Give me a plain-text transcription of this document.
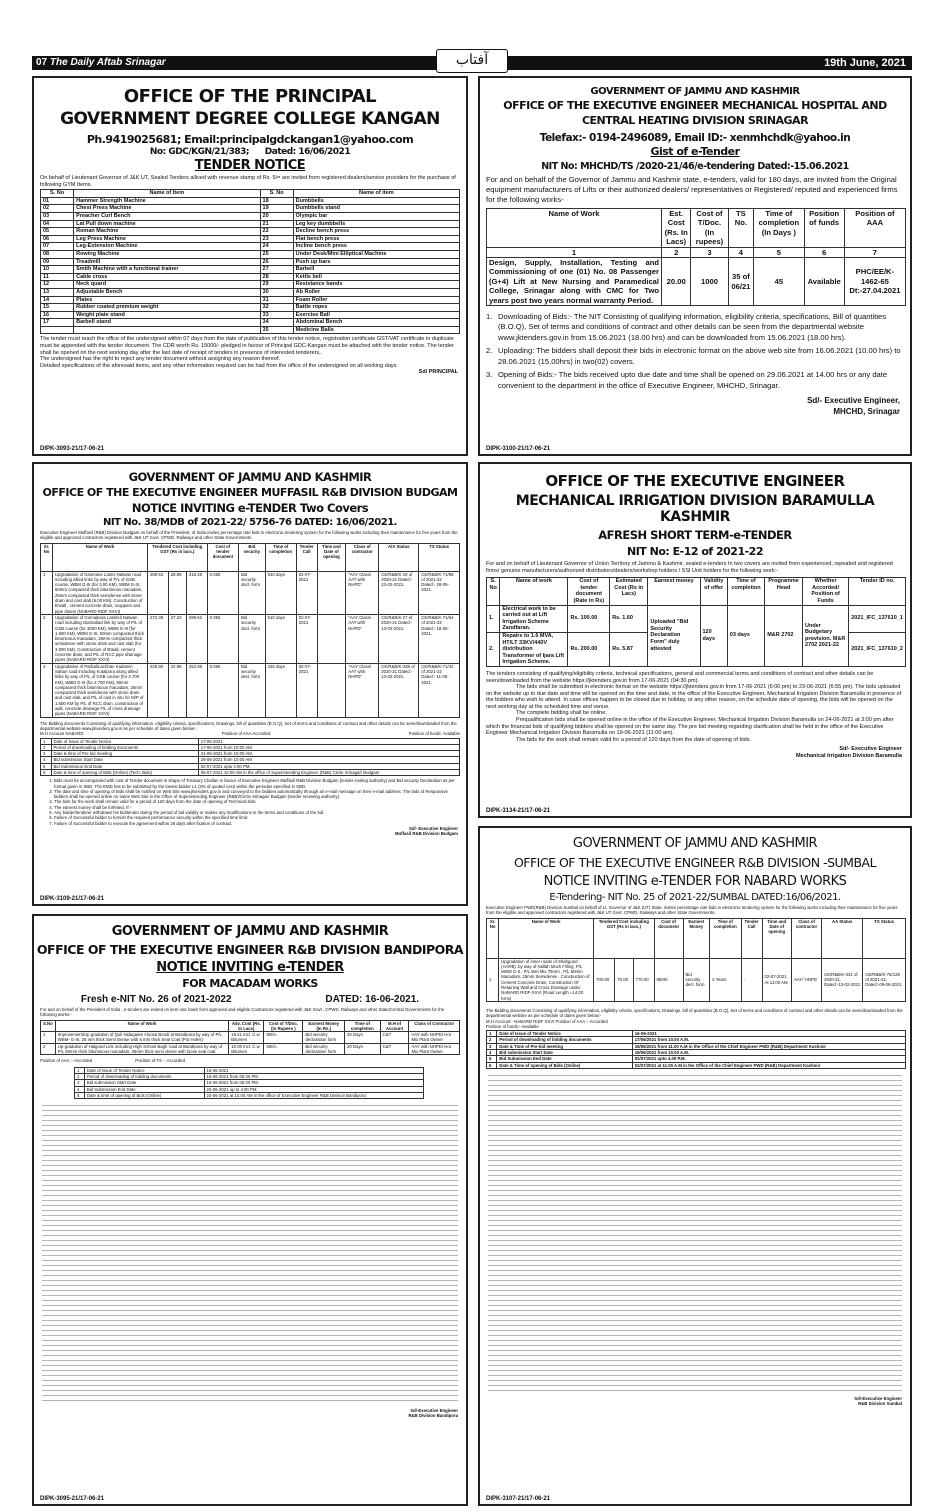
07 The Daily Aftab Srinagar	19th June, 2021
آفتاب
OFFICE OF THE PRINCIPAL
GOVERNMENT DEGREE COLLEGE KANGAN
Ph.9419025681; Email:principalgdckangan1@yahoo.com
No: GDC/KGN/21/383;      Dated: 16/06/2021
TENDER NOTICE
On behalf of Lieutenant Governor of J&K UT, Sealed Tenders allived with revenue stamp of Rs. 5/= are invited from registered dealers/service providers for the purchase of following GYM Items.
S. No	Name of Item	S. No	Name of item
01	Hammer Strength Machine	18	Dumbbells
02	Chest Press Machine	19	Dumbbells stand
03	Preacher Curl Bench	20	Olympic bar
04	Lat Pull down machine	21	Leg key dumbbells
05	Roman Machine	22	Decline bench press
06	Leg Press Machine	23	Flat bench press
07	Leg-Extension Machine	24	Incline bench press
08	Rowing Machine	25	Under Desk/Mini Elliptical Machine
09	Treadmill	26	Push up bars
10	Smith Machine with a functional trainer	27	Barbell
11	Cable cross	28	Kettle bell
12	Neck quard	29	Resistance bands
13	Adjustable Bench	30	Ab Roller
14	Plates	31	Foam Roller
15	Rubber coated premium weight	32	Battle ropes
16	Weight plate stand	33	Exercise Ball
17	Barbell stand	34	Abdominal Bench
		35	Medicine Balls
The tender must reach the office of the undersigned within 07 days from the date of publication of this tender notice, registration certificate GST/VAT certificate in duplicate must be appended with the tender document. The CDR worth Rs. 15000/- pledged in favour of Principal GDC-Kangan must be attached with the tender notice. The tender shall be opened on the next working day after the last date of receipt of tenders in presence of interested tenderers,.
The undersigned has the right to reject any tender document without assigning any reason thereof.
Detailed specifications of the aforesaid items, and any other information required can be had from the office of the undersigned on all working days.
Sd/ PRINCIPAL
DIPK-3093-21/17-06-21
GOVERNMENT OF JAMMU AND KASHMIR
OFFICE OF THE EXECUTIVE ENGINEER MECHANICAL HOSPITAL AND
CENTRAL HEATING DIVISION SRINAGAR
Telefax:- 0194-2496089, Email ID:- xenmhchdk@yahoo.in
Gist of e-Tender
NIT No: MHCHD/TS /2020-21/46/e-tendering Dated:-15.06.2021
For and on behalf of the Governor of Jammu and Kashmir state, e-tenders, valid for 180 days, are invited from the Original equipment manufacturers of Lifts or their authorized dealers/ representatives or Registered/ reputed and experienced firms for the following works-
Name of Work	Est. Cost (Rs. In Lacs)	Cost of T/Doc. (In rupees)	TS No.	Time of completion (In Days )	Position of funds	Position of AAA
1	2	3	4	5	6	7
Design, Supply, Installation, Testing and Commissioning of one (01) No. 08 Passenger (G+4) Lift at New Nursing and Paramedical College, Srinagar along with CMC for Two years post two years normal warranty Period.	20.00	1000	35 of 06/21	45	Available	PHC/EE/K-1462-65 Dt:-27.04.2021
1. Downloading of Bids:- The NIT Consisting of qualifying information, eligibility criteria, specifications, Bill of quantities (B.O.Q), Set of terms and conditions of contract and other details can be seen from the departmental website www.jktenders.gov.in from 15.06.2021 (18.00 hrs) and can be downloaded from 15.06.2021 (18.00 hrs).
2. Uploading: The bidders shall deposit their bids in electronic format on the above web site from 16.06.2021 (10.00 hrs) to 28.06.2021 (15.00hrs) in two(02) covers.
3. Opening of Bids:- The bids received upto due date and time shall be opened on 29.06.2021 at 14.00 hrs or any date convenient to the department in the office of Executive Engineer, MHCHD, Srinagar.
Sd/- Executive Engineer,
MHCHD, Srinagar
DIPK-3100-21/17-06-21
GOVERNMENT OF JAMMU AND KASHMIR
OFFICE OF THE EXECUTIVE ENGINEER MUFFASIL R&B DIVISION BUDGAM
NOTICE INVITING e-TENDER Two Covers
NIT No. 38/MDB of 2021-22/ 5756-76 DATED: 16/06/2021.
Executive Engineer Muffasil (R&B) Division Budgam on behalf of the President, of India invites percentage rate bids in electronic tendering system for the following works including their maintenance for five years from the eligible and approved contractors registered with J&K UT Govt. CPWD, Railways and other State Governments.
Sr. No	Name of Work	Tendered Cost including GST (Rs in lacs.)			Cost of tender document	Bid security	Time of completion	Tender Call	Time and Date of opening	Class of contractor	A/A Status	TS Status
1	Upgradation of Kanmane Latins Natwan road including allied links by way of P/L of GSB course, WBM G-III (for 3.00 KM), WBM G-III , 50mm compacted thick bituminous macadam, 25mm compacted thick semidense with stone drain and cast slab (6.00 KM). Construction of B'wall , cement concrete drain, scuppers and pipe drains (NABARD RIDF XXVI)	289.53	28.95	318.48	0.055	Bid security decl. form	540 days	02-07-2021		"AAY Class/ AAT with NHPD"	CE/R&B/K-19 of 2020-21 Dated:- 23-02-2021.	CE/R&B/K-71/88 of 2021-22 Dated:- 28-05-2021.
2	Upgradation of Gomalpora Latinteli Natwan road including Islamabad link by way of P/L of GSB course (for 3000 KM), WBM G-III (for 1.500 KM), WBM G-III, 50mm compacted thick bituminous macadam, 25mm compacted thick semidense with stone drain and cast slab (for 3.000 KM). Construction of B'wall, cement concrete drain, and P/L of RCC pipe drainage pipes (NABARD RIDF XXVI)	272.39	27.23	299.62	0.055	Bid security decl. form	510 days	02-07-2021		"AAY Class/ AAT with NHPD"	CE/R&B/K-27 of 2020-21 Dated:- 13-02-2021.	CE/R&B/K-71/54 of 2021-22 Dated:- 18-05-2021.
3	Upgradation of Parbal/Lachhan Kadamin Sahari road including Kotalpora along allied links by way of P/L of GSB course (for 2.700 KM), WBM G-III (for 2.700 KM), 50mm compacted thick bituminous macadam, 25mm compacted thick semidense with stone drain and cast slab, and P/L of cast in situ for M/P of 1.600 KM by P/L of RCC drain ,construction of wall, concrete drainage F/L of cross drainage pipes (NABARD RIDF XXVI)	229.80	22.98	252.98	0.055	Bid security decl. form	435 days	02-07-2021		"AAY Class/ AAT with NHPD"	CE/R&B/K-338 of 2020-21 Dated:- 13-02-2021.	CE/R&B/K-71/42 of 2021-22 Dated:- 11-05-2021.
The Bidding documents Consisting of qualifying information, eligibility criteria, specifications, Drawings, bill of quantities (B.O.Q), Set of terms and conditions of contract and other details can be seen/downloaded from the departmental website www.jktenders.gov.in as per schedule of dates given below:-
M.H Account NABARD	Position of AAA Accorded	Position of funds: Available
1	Date of Issue of Tender Notice	17-06-2021
2	Period of downloading of bidding documents	17-06-2021 from 10:00 AM.
3	Date & time of Pre bid meeting	21-06-2021 from 10:00 AM.
4	Bid submission Start Date	28-06-2021 from 10:00 AM
5	Bid Submission End Date	02-07-2021 upto 4:00 PM.
6	Date & time of opening of Bids (Online) (Tech. Bids)	05-07-2021 10:00 AM in the office of Superintending Engineer (R&B) Circle Srinagar/ Budgam
1. Bids must be accompanied with cost of Tender document in shape of Treasury Challan in favour of Executive Engineer Muffasil R&B Division Budgam (tender inviting authority) and Bid security Declaration as per format given in SBD. The EMD has to be submitted by the lowest bidder L1 (3% of quoted cost) within the periodas specified in SBD.
2. The date and time of opening of Bids shall be notified on Web Site www.jktenders.gov.in and conveyed to the bidders automatically through an e-mail message on their e-mail address. The bids of Responsive bidders shall be opened online on same Web Site in the Office of Superintending Engineer (R&B)/Circle Srinagar/ Budgam (tender receiving authority).
3. The bids for the work shall remain valid for a period of 120 days from the date of opening of Technical bids
4. The earnest money shall be forfeited, If:-
5. Any bidder/tenderer withdraws his bid/tender during the period of bid validity or makes any modifications in the terms and conditions of the bid.
6. Failure of Successful bidder to furnish the required performance security within the specified time limit.
7. Failure of Successful bidder to execute the agreement within 28 days after fixation of contract.
Sd/- Executive Engineer
Muffasil R&B Division Budgam
DIPK-3109-21/17-06-21
OFFICE OF THE EXECUTIVE ENGINEER
MECHANICAL IRRIGATION DIVISION BARAMULLA KASHMIR
AFRESH SHORT TERM-e-TENDER
NIT No: E-12 of 2021-22
For and on behalf of Lieutenant Governor of Union Territory of Jammu & Kashmir, sealed e-tenders In two covers are invited from experienced, repeated and registered firms/ genuine manufacturers/authorized distributors/dealers/workshop holders / SSI Unit holders for the following work:-
S. No	Name of work	Cost of tender document (Rate in Rs)	Estimated Cost (Rs in Lacs)	Earnest money	Validity of offer	Time of completion	Programme Head	Whether Accorded/ Position of Funds	Tender ID no.
1.	Electrical work to be carried out at Lift Irrigation Scheme Zandfaran.	Rs. 100.00	Rs. 1.60	Uploaded "Bid Security Declaration Form" duly attested	120 days	03 days	M&R 2702	Under Budgetary provision. M&R 2702 2021-22	2021_IFC_137610_1
2.	Repairs to 1.6 MVA, HT/LT 33KV/440V distribution Transformer of Ijara Lift Irrigation Scheme.	Rs. 200.00	Rs. 5.87						2021_IFC_137610_2
The tenders consisting of qualifying/eligibility criteria, technical specifications, general and commercial terms and conditions of contract and other details can be seen/downloaded from the website https://jktenders.gov.in from 17-06-2021 (04:30 pm).
The bids shall be submitted in electronic format on the website https://jktenders.gov.in from 17-06-2021 (6:00 pm) to 23-06-2021 (6:55 pm). The bids uploaded on the website up to due date and time will be opened on the time and date, in the office of the Executive Engineer, Mechanical Irrigation Division Baramulla in presence of the bidders who wish to attend. In case offices happen to be closed due to holiday, or any other reason, on the schedule date of opening, the bids will be opened on the next working day at the scheduled time and venue.
The complete bidding shall be online.
Prequalification bids shall be opened online in the office of the Executive Engineer, Mechanical Irrigation Division Baramulla on 24-06-2021 at 3:00 pm after which the financial bids of qualifying bidders shall be opened on the same day. The pre bid meeting regarding clarification shall be held in the office of the Executive Engineer Mechanical Irrigation Division Baramulla on 19-06-2021 (11:00 am).
The bids for the work shall remain valid for a period of 120 days from the date of opening of bids.
Sd/- Executive Engineer
Mechanical Irrigation Division Baramulla
DIPK-3134-21/17-06-21
GOVERNMENT OF JAMMU AND KASHMIR
OFFICE OF THE EXECUTIVE ENGINEER R&B DIVISION BANDIPORA
NOTICE INVITING e-TENDER
FOR MACADAM WORKS
Fresh e-NIT No. 26 of 2021-2022	DATED: 16-06-2021.
For and on behalf of the President of India , e-tenders are invited on item rate basis from approved and eligible Contractors registered with J&K Govt , CPWD, Railways and other State/Central Governments for the following works:-
S.No	Name of Work	Adv. Cost (Rs. In Lacs)	Cost of T/Doc. (In Rupees )	Earnest Money (In Rs.)	Time of completion	M.H of Account	Class of Contractor
1	Improvement/Up gradation of Quil Nidagaam Aloosa Bondi at Bandipora by way of P/L WBM- G-III, 25 mm thick Semi Dense with 6 mm thick Seal Coat (Pot Holes)	18.41 Incl. C.w Bitumen	800/=	Bid security declaration form	20 Days	C&T	AAY with NHPD/ Hot Mix Plant Owner
2	Up-gradation of Halgood Link including High School Bagh road at Bandipora by way of P/L 50mm thick bituminous macadam, 25mm thick semi dense with loose seal coat	10.00 Incl. C.w Bitumen	600/=	Bid security declaration form	20 Days	C&T	AAY with NHPD/ Hot Mix Plant Owner
Position of AAA :- Accorded                                    Position of FS :- Accorded
1	Date of Issue of Tender Notice	16-06-2021
2	Period of downloading of bidding documents	16-06-2021 from 06.00 PM.
3	Bid submission Start Date	16-06-2021 from 06.00 PM.
4	Bid Submission End Date	23-06-2021 up to 4.00 PM.
5	Date & time of opening of Bids (Online)	24-06-2021 at 10.00 AM in the office of Executive Engineer R&B Division Bandipora
Sd/-Executive Engineer
R&B Division Bandipora
DIPK-3095-21/17-06-21
GOVERNMENT OF JAMMU AND KASHMIR
OFFICE OF THE EXECUTIVE ENGINEER R&B DIVISION -SUMBAL
NOTICE INVITING e-TENDER FOR NABARD WORKS
E-Tendering- NIT No. 25 of 2021-22/SUMBAL DATED:16/06/2021.
Executive Engineer PWD(R&B) Division Sumbal on behalf of Lt. Governor of J&K (UT) State, invites percentage rate bids in electronic tendering system for the following works including their maintenance for five years from the eligible and approved contractors registered with J&K UT Govt. CPWD, Railways and other State Governments.
Sr. No	Name of Work	Tendered Cost including GST (Rs in lacs.)			Cost of document	Earnest Money	Time of completion	Tender Call	Time and Date of opening	Class of contractor	AA Status	TS Status
1	Upgradation of inner roads of Shahgund (AARB) ,by way of Nallah Muck Filling, P/L WBM G-II , P/L Wet Mix 75mm , P/L 50mm Macadam, 25mm Semidense , Construction of Cement Concrete Drain, Construction Of Retaining Wall and Cross Drainage under NABARD RIDF-XXVI (Road Length =14.00 Kms)	700.00	70.00	770.00	8500/-	Bid security decl. form	2 Years	-	02-07-2021 At 11:00 AM	AAY/ HNPD	CE/R&B/K-331 of 2020-21. Dated:-13-02-2021	CE/R&B/K-75/128 of 2021-22, Dated:-09-06-2021.
The Bidding documents Consisting of qualifying information, eligibility criteria, specifications, Drawings, bill of quantities (B.O.Q), Set of terms and conditions of contract and other details can be seen/downloaded from the departmental website as per schedule of dates given below:-
M.H Account:- NABARD RIDF XXVI Position of AAA :- Accorded
Position of funds:- Available
1	Date of Issue of Tender Notice	16-06-2021
2	Period of downloading of bidding documents	17/06/2021 from 10.00 A.M.
3	Date & Time of Pre-bid meeting	18/06/2021 from 11.00 A.M in the Office of the Chief Engineer PWD (R&B) Department Kashmir
4	Bid submission Start Date	19/06/2021 from 10.00 A.M.
5	Bid Submission End Date	02/07/2021 upto 4.00 P.M.
6	Date & Time of opening of Bids (Online)	02/07/2021 at 11.00 A.M in the Office of the Chief Engineer PWD (R&B) Department Kashmir
Sd/-Executive Engineer
R&B Division Sumbal
DIPK-3107-21/17-06-21
